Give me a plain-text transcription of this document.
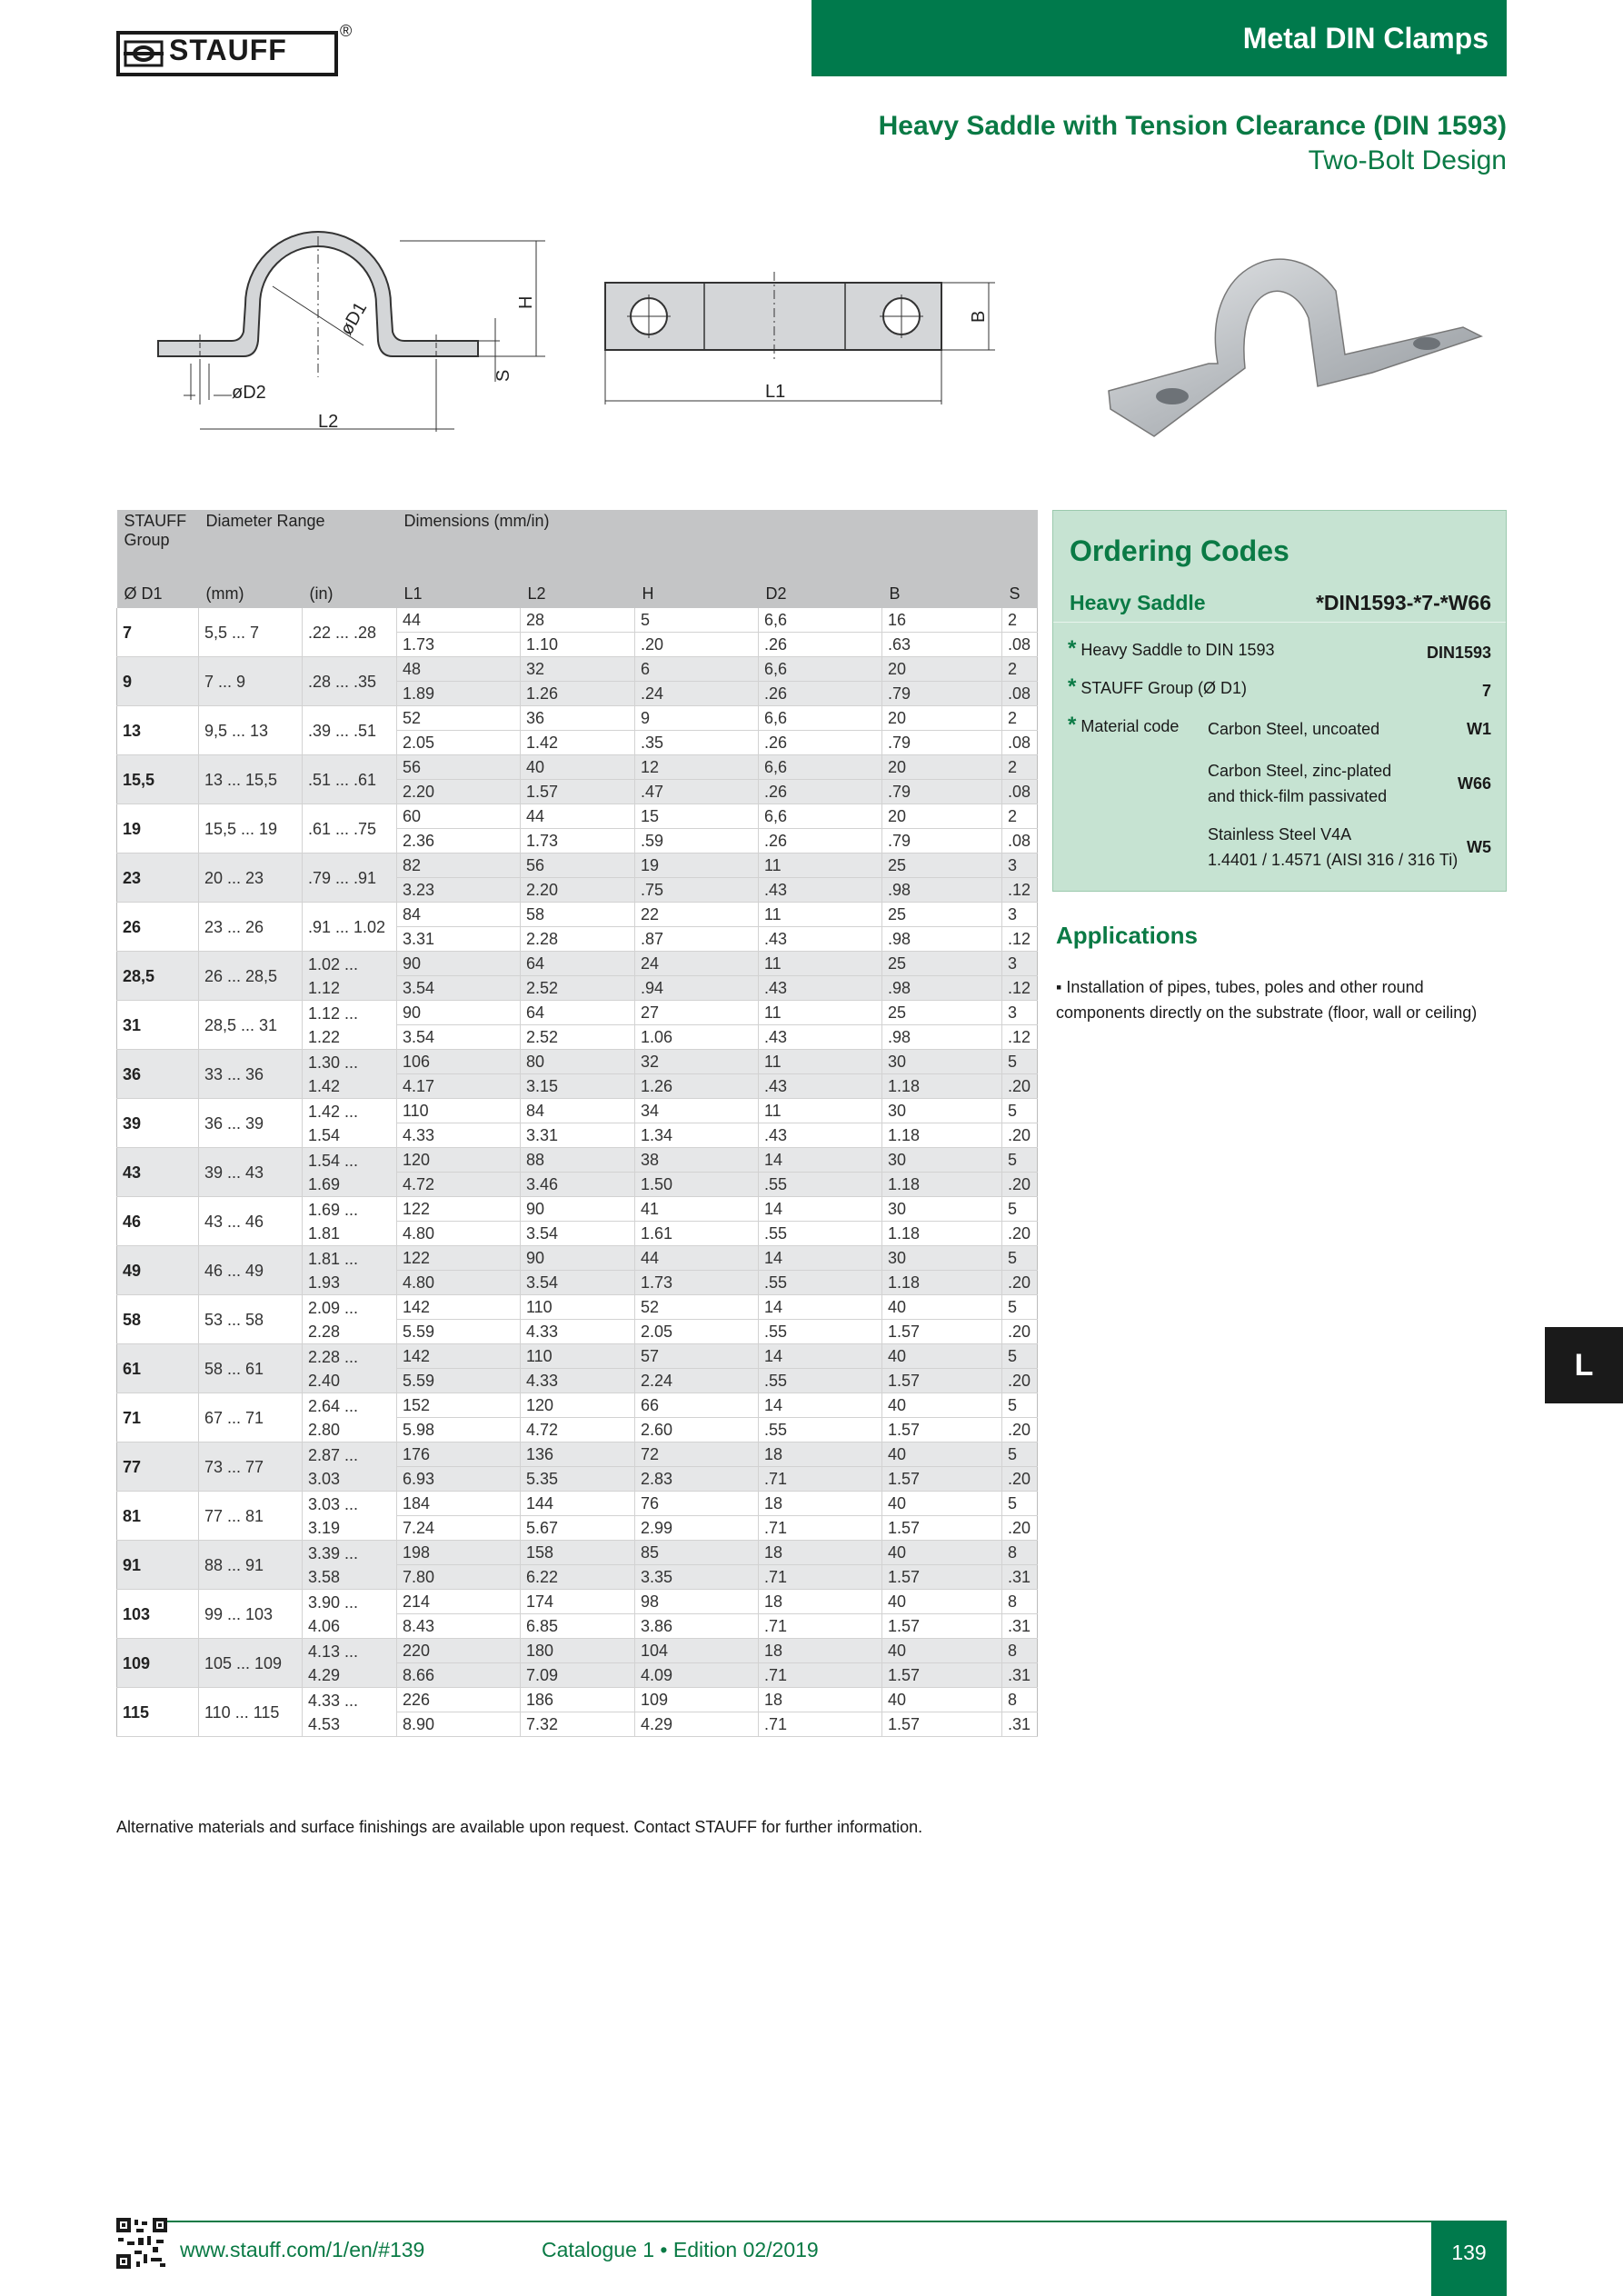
STAUFF
®	Metal DIN Clamps
Heavy Saddle with Tension Clearance (DIN 1593)
Two-Bolt Design
øD2
L2
øD1	H
S
L1
B
STAUFF Group	Diameter Range		Dimensions (mm/in)					
Ø D1	(mm)	(in)	L1	L2	H	D2	B	S
7	5,5 ... 7	.22 ... .28	44	28	5	6,6	16	2
			1.73	1.10	.20	.26	.63	.08
9	7 ... 9	.28 ... .35	48	32	6	6,6	20	2
			1.89	1.26	.24	.26	.79	.08
13	9,5 ... 13	.39 ... .51	52	36	9	6,6	20	2
			2.05	1.42	.35	.26	.79	.08
15,5	13 ... 15,5	.51 ... .61	56	40	12	6,6	20	2
			2.20	1.57	.47	.26	.79	.08
19	15,5 ... 19	.61 ... .75	60	44	15	6,6	20	2
			2.36	1.73	.59	.26	.79	.08
23	20 ... 23	.79 ... .91	82	56	19	11	25	3
			3.23	2.20	.75	.43	.98	.12
26	23 ... 26	.91 ... 1.02	84	58	22	11	25	3
			3.31	2.28	.87	.43	.98	.12
28,5	26 ... 28,5	1.02 ... 1.12	90	64	24	11	25	3
			3.54	2.52	.94	.43	.98	.12
31	28,5 ... 31	1.12 ... 1.22	90	64	27	11	25	3
			3.54	2.52	1.06	.43	.98	.12
36	33 ... 36	1.30 ... 1.42	106	80	32	11	30	5
			4.17	3.15	1.26	.43	1.18	.20
39	36 ... 39	1.42 ... 1.54	110	84	34	11	30	5
			4.33	3.31	1.34	.43	1.18	.20
43	39 ... 43	1.54 ... 1.69	120	88	38	14	30	5
			4.72	3.46	1.50	.55	1.18	.20
46	43 ... 46	1.69 ... 1.81	122	90	41	14	30	5
			4.80	3.54	1.61	.55	1.18	.20
49	46 ... 49	1.81 ... 1.93	122	90	44	14	30	5
			4.80	3.54	1.73	.55	1.18	.20
58	53 ... 58	2.09 ... 2.28	142	110	52	14	40	5
			5.59	4.33	2.05	.55	1.57	.20
61	58 ... 61	2.28 ... 2.40	142	110	57	14	40	5
			5.59	4.33	2.24	.55	1.57	.20
71	67 ... 71	2.64 ... 2.80	152	120	66	14	40	5
			5.98	4.72	2.60	.55	1.57	.20
77	73 ... 77	2.87 ... 3.03	176	136	72	18	40	5
			6.93	5.35	2.83	.71	1.57	.20
81	77 ... 81	3.03 ... 3.19	184	144	76	18	40	5
			7.24	5.67	2.99	.71	1.57	.20
91	88 ... 91	3.39 ... 3.58	198	158	85	18	40	8
			7.80	6.22	3.35	.71	1.57	.31
103	99 ... 103	3.90 ... 4.06	214	174	98	18	40	8
			8.43	6.85	3.86	.71	1.57	.31
109	105 ... 109	4.13 ... 4.29	220	180	104	18	40	8
			8.66	7.09	4.09	.71	1.57	.31
115	110 ... 115	4.33 ... 4.53	226	186	109	18	40	8
			8.90	7.32	4.29	.71	1.57	.31
Ordering Codes
Heavy Saddle	*DIN1593-*7-*W66
* Heavy Saddle to DIN 1593	DIN1593
* STAUFF Group (Ø D1)	7
* Material code Carbon Steel, uncoated	W1
Carbon Steel, zinc-plated
and thick-film passivated
W66
Stainless Steel V4A
1.4401 / 1.4571 (AISI 316 / 316 Ti)
W5
Applications
▪ Installation of pipes, tubes, poles and other round components directly on the substrate (floor, wall or ceiling)
L
Alternative materials and surface finishings are available upon request. Contact STAUFF for further information.
www.stauff.com/1/en/#139	Catalogue 1 • Edition 02/2019	139
